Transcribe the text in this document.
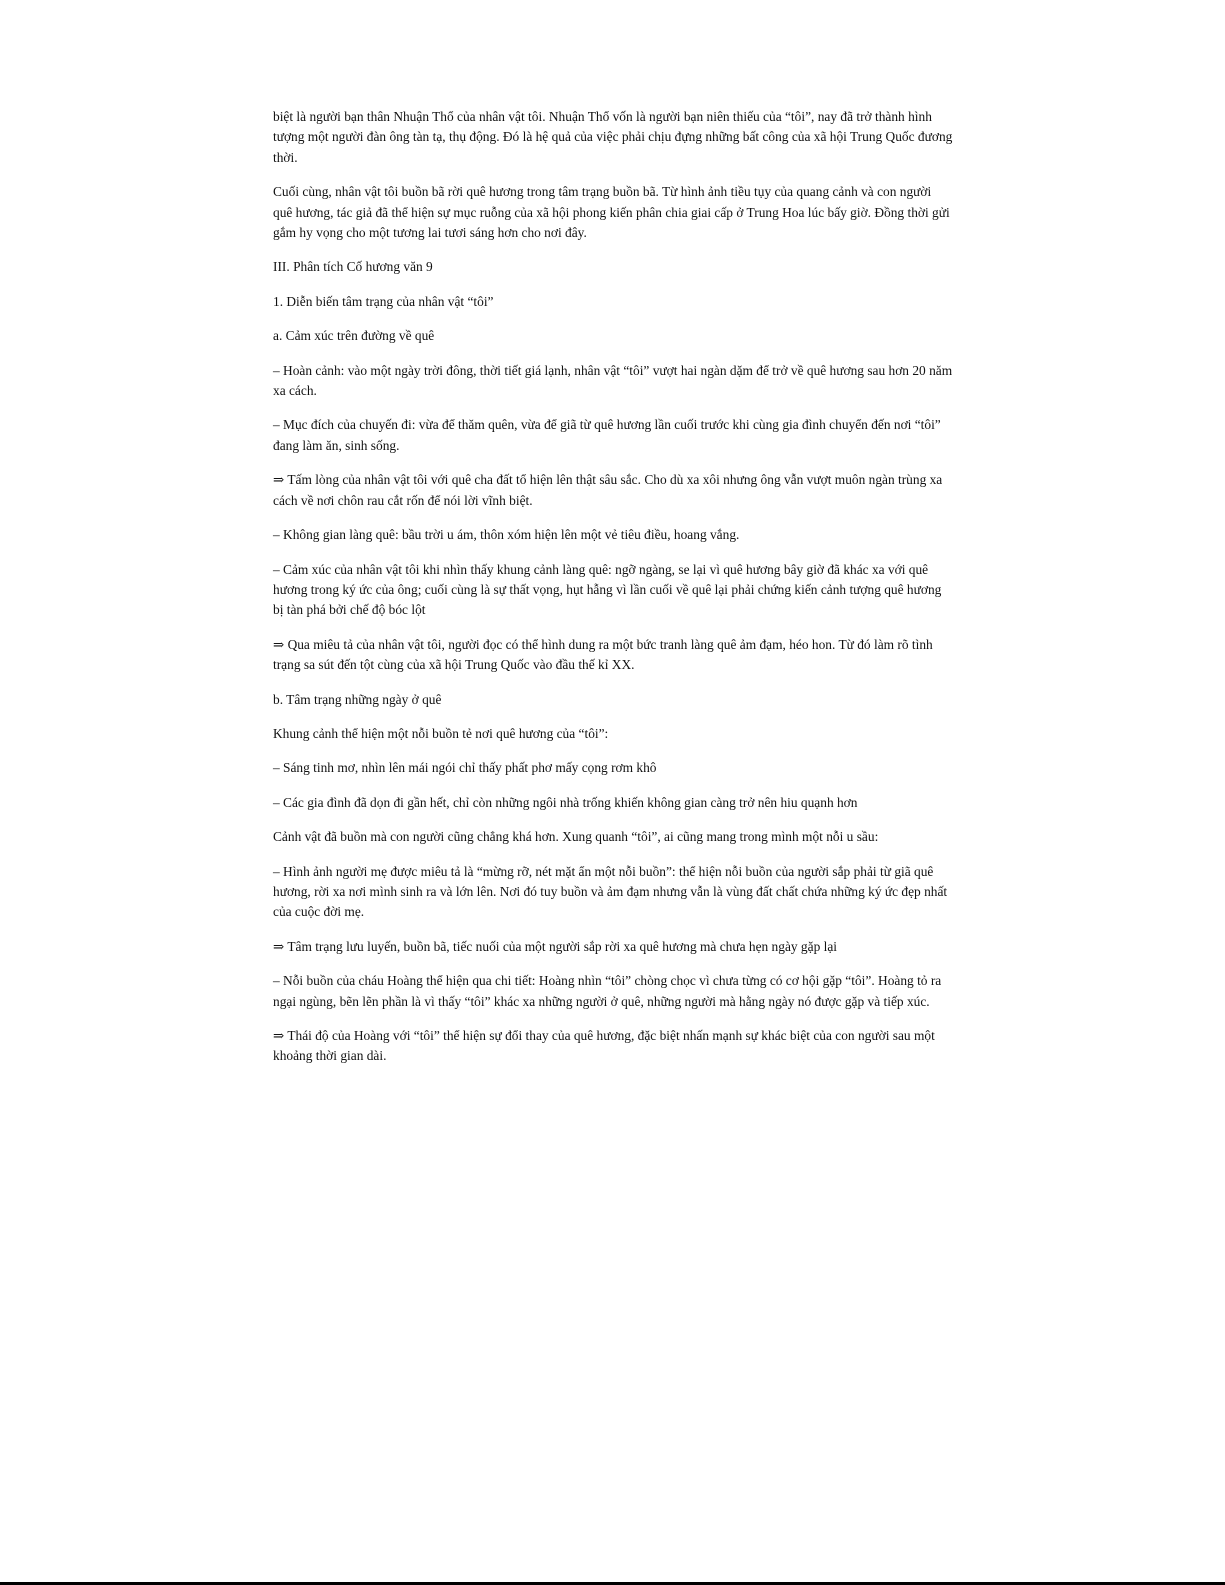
biệt là người bạn thân Nhuận Thổ của nhân vật tôi. Nhuận Thổ vốn là người bạn niên thiếu của “tôi”, nay đã trở thành hình tượng một người đàn ông tàn tạ, thụ động. Đó là hệ quả của việc phải chịu đựng những bất công của xã hội Trung Quốc đương thời.

Cuối cùng, nhân vật tôi buồn bã rời quê hương trong tâm trạng buồn bã. Từ hình ảnh tiều tụy của quang cảnh và con người quê hương, tác giả đã thể hiện sự mục ruỗng của xã hội phong kiến phân chia giai cấp ở Trung Hoa lúc bấy giờ. Đồng thời gửi gắm hy vọng cho một tương lai tươi sáng hơn cho nơi đây.

III. Phân tích Cố hương văn 9

1. Diễn biến tâm trạng của nhân vật “tôi”

a. Cảm xúc trên đường về quê

– Hoàn cảnh: vào một ngày trời đông, thời tiết giá lạnh, nhân vật “tôi” vượt hai ngàn dặm để trở về quê hương sau hơn 20 năm xa cách.

– Mục đích của chuyến đi: vừa để thăm quên, vừa để giã từ quê hương lần cuối trước khi cùng gia đình chuyển đến nơi “tôi” đang làm ăn, sinh sống.

⇒ Tấm lòng của nhân vật tôi với quê cha đất tổ hiện lên thật sâu sắc. Cho dù xa xôi nhưng ông vẫn vượt muôn ngàn trùng xa cách về nơi chôn rau cắt rốn để nói lời vĩnh biệt.

– Không gian làng quê: bầu trời u ám, thôn xóm hiện lên một vẻ tiêu điều, hoang vắng.

– Cảm xúc của nhân vật tôi khi nhìn thấy khung cảnh làng quê: ngỡ ngàng, se lại vì quê hương bây giờ đã khác xa với quê hương trong ký ức của ông; cuối cùng là sự thất vọng, hụt hẫng vì lần cuối về quê lại phải chứng kiến cảnh tượng quê hương bị tàn phá bởi chế độ bóc lột

⇒ Qua miêu tả của nhân vật tôi, người đọc có thể hình dung ra một bức tranh làng quê ảm đạm, héo hon. Từ đó làm rõ tình trạng sa sút đến tột cùng của xã hội Trung Quốc vào đầu thế kỉ XX.

b. Tâm trạng những ngày ở quê

Khung cảnh thể hiện một nỗi buồn tẻ nơi quê hương của “tôi”:

– Sáng tinh mơ, nhìn lên mái ngói chỉ thấy phất phơ mấy cọng rơm khô

– Các gia đình đã dọn đi gần hết, chỉ còn những ngôi nhà trống khiến không gian càng trở nên hiu quạnh hơn

Cảnh vật đã buồn mà con người cũng chẳng khá hơn. Xung quanh “tôi”, ai cũng mang trong mình một nỗi u sầu:

– Hình ảnh người mẹ được miêu tả là “mừng rỡ, nét mặt ẩn một nỗi buồn”: thể hiện nỗi buồn của người sắp phải từ giã quê hương, rời xa nơi mình sinh ra và lớn lên. Nơi đó tuy buồn và ảm đạm nhưng vẫn là vùng đất chất chứa những ký ức đẹp nhất của cuộc đời mẹ.

⇒ Tâm trạng lưu luyến, buồn bã, tiếc nuối của một người sắp rời xa quê hương mà chưa hẹn ngày gặp lại

– Nỗi buồn của cháu Hoàng thể hiện qua chi tiết: Hoàng nhìn “tôi” chòng chọc vì chưa từng có cơ hội gặp “tôi”. Hoàng tỏ ra ngại ngùng, bẽn lẽn phần là vì thấy “tôi” khác xa những người ở quê, những người mà hằng ngày nó được gặp và tiếp xúc.

⇒ Thái độ của Hoàng với “tôi” thể hiện sự đổi thay của quê hương, đặc biệt nhấn mạnh sự khác biệt của con người sau một khoảng thời gian dài.
